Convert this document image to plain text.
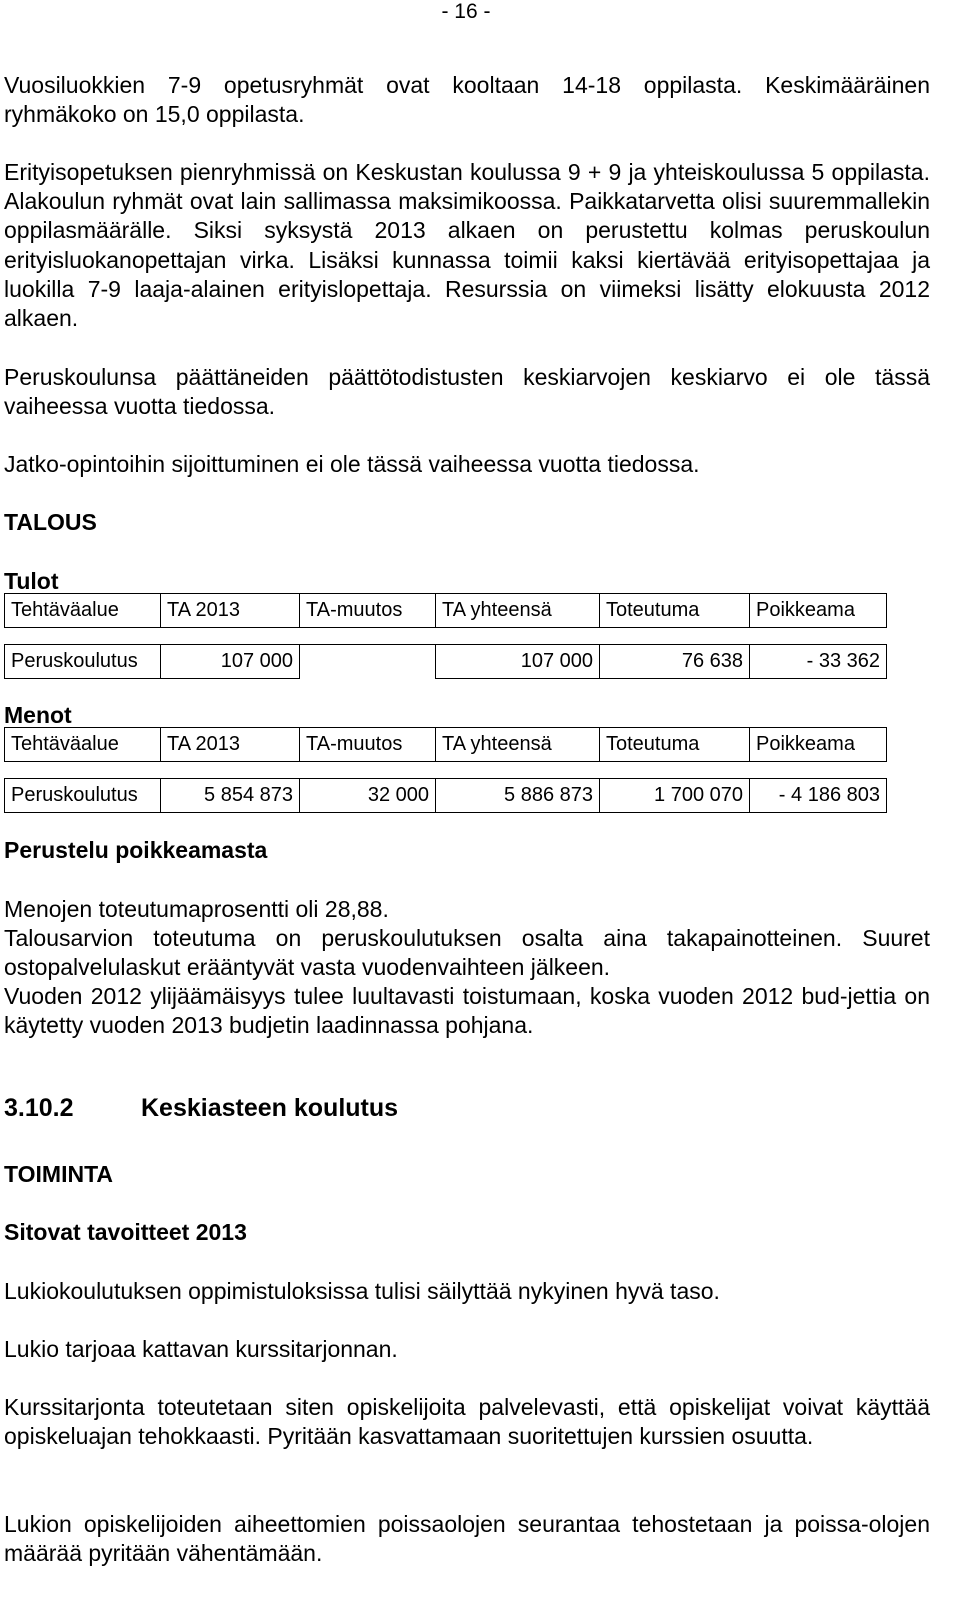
- 16 -

Vuosiluokkien 7-9 opetusryhmät ovat kooltaan 14-18 oppilasta. Keskimääräinen ryhmäkoko on 15,0 oppilasta.

Erityisopetuksen pienryhmissä on Keskustan koulussa 9 + 9 ja yhteiskoulussa 5 oppilasta. Alakoulun ryhmät ovat lain sallimassa maksimikoossa. Paikkatarvetta olisi suuremmallekin oppilasmäärälle. Siksi syksystä 2013 alkaen on perustettu kolmas peruskoulun erityisluokanopettajan virka. Lisäksi kunnassa toimii kaksi kiertävää erityisopettajaa ja luokilla 7-9 laaja-alainen erityislopettaja. Resurssia on viimeksi lisätty elokuusta 2012 alkaen.

Peruskoulunsa päättäneiden päättötodistusten keskiarvojen keskiarvo ei ole tässä vaiheessa vuotta tiedossa.

Jatko-opintoihin sijoittuminen ei ole tässä vaiheessa vuotta tiedossa.

TALOUS
Tulot
Tehtäväalue	TA 2013	TA-muutos	TA yhteensä	Toteutuma	Poikkeama

Peruskoulutus	107 000		107 000	76 638	- 33 362
Menot
Tehtäväalue	TA 2013	TA-muutos	TA yhteensä	Toteutuma	Poikkeama

Peruskoulutus	5 854 873	32 000	5 886 873	1 700 070	- 4 186 803
Perustelu poikkeamasta

Menojen toteutumaprosentti oli 28,88.

Talousarvion toteutuma on peruskoulutuksen osalta aina takapainotteinen. Suuret ostopalvelulaskut erääntyvät vasta vuodenvaihteen jälkeen.

Vuoden 2012 ylijäämäisyys tulee luultavasti toistumaan, koska vuoden 2012 bud-jettia on käytetty vuoden 2013 budjetin laadinnassa pohjana.

3.10.2	Keskiasteen koulutus
TOIMINTA
Sitovat tavoitteet 2013

Lukiokoulutuksen oppimistuloksissa tulisi säilyttää nykyinen hyvä taso.

Lukio tarjoaa kattavan kurssitarjonnan.

Kurssitarjonta toteutetaan siten opiskelijoita palvelevasti, että opiskelijat voivat käyttää opiskeluajan tehokkaasti. Pyritään kasvattamaan suoritettujen kurssien osuutta.

Lukion opiskelijoiden aiheettomien poissaolojen seurantaa tehostetaan ja poissa-olojen määrää pyritään vähentämään.
